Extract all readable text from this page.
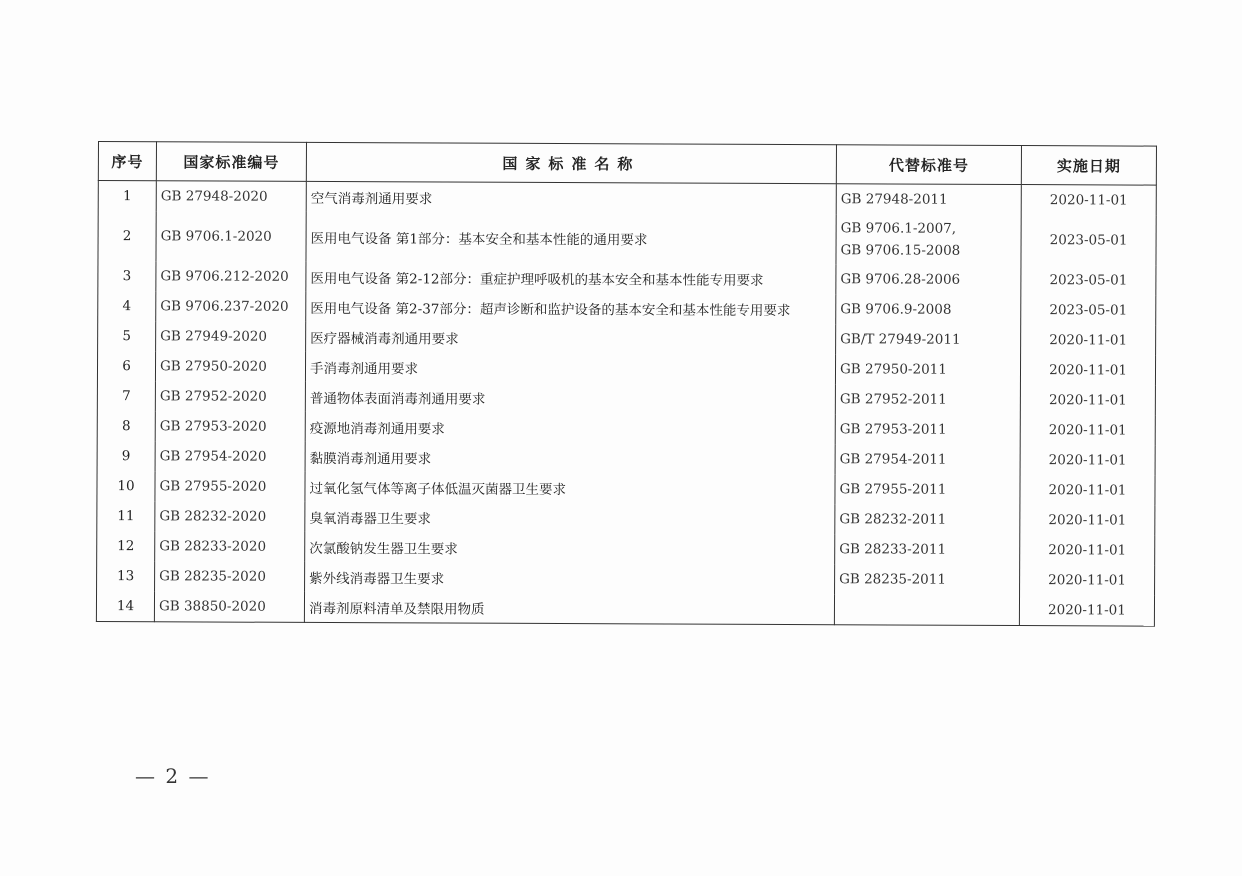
序号	国家标准编号	国家标准名称	代替标准号	实施日期
1	GB 27948-2020	空气消毒剂通用要求	GB 27948-2011	2020-11-01
2	GB 9706.1-2020	医用电气设备 第1部分：基本安全和基本性能的通用要求	GB 9706.1-2007,
GB 9706.15-2008	2023-05-01
3	GB 9706.212-2020	医用电气设备 第2-12部分：重症护理呼吸机的基本安全和基本性能专用要求	GB 9706.28-2006	2023-05-01
4	GB 9706.237-2020	医用电气设备 第2-37部分：超声诊断和监护设备的基本安全和基本性能专用要求	GB 9706.9-2008	2023-05-01
5	GB 27949-2020	医疗器械消毒剂通用要求	GB/T 27949-2011	2020-11-01
6	GB 27950-2020	手消毒剂通用要求	GB 27950-2011	2020-11-01
7	GB 27952-2020	普通物体表面消毒剂通用要求	GB 27952-2011	2020-11-01
8	GB 27953-2020	疫源地消毒剂通用要求	GB 27953-2011	2020-11-01
9	GB 27954-2020	黏膜消毒剂通用要求	GB 27954-2011	2020-11-01
10	GB 27955-2020	过氧化氢气体等离子体低温灭菌器卫生要求	GB 27955-2011	2020-11-01
11	GB 28232-2020	臭氧消毒器卫生要求	GB 28232-2011	2020-11-01
12	GB 28233-2020	次氯酸钠发生器卫生要求	GB 28233-2011	2020-11-01
13	GB 28235-2020	紫外线消毒器卫生要求	GB 28235-2011	2020-11-01
14	GB 38850-2020	消毒剂原料清单及禁限用物质		2020-11-01
— 2 —
